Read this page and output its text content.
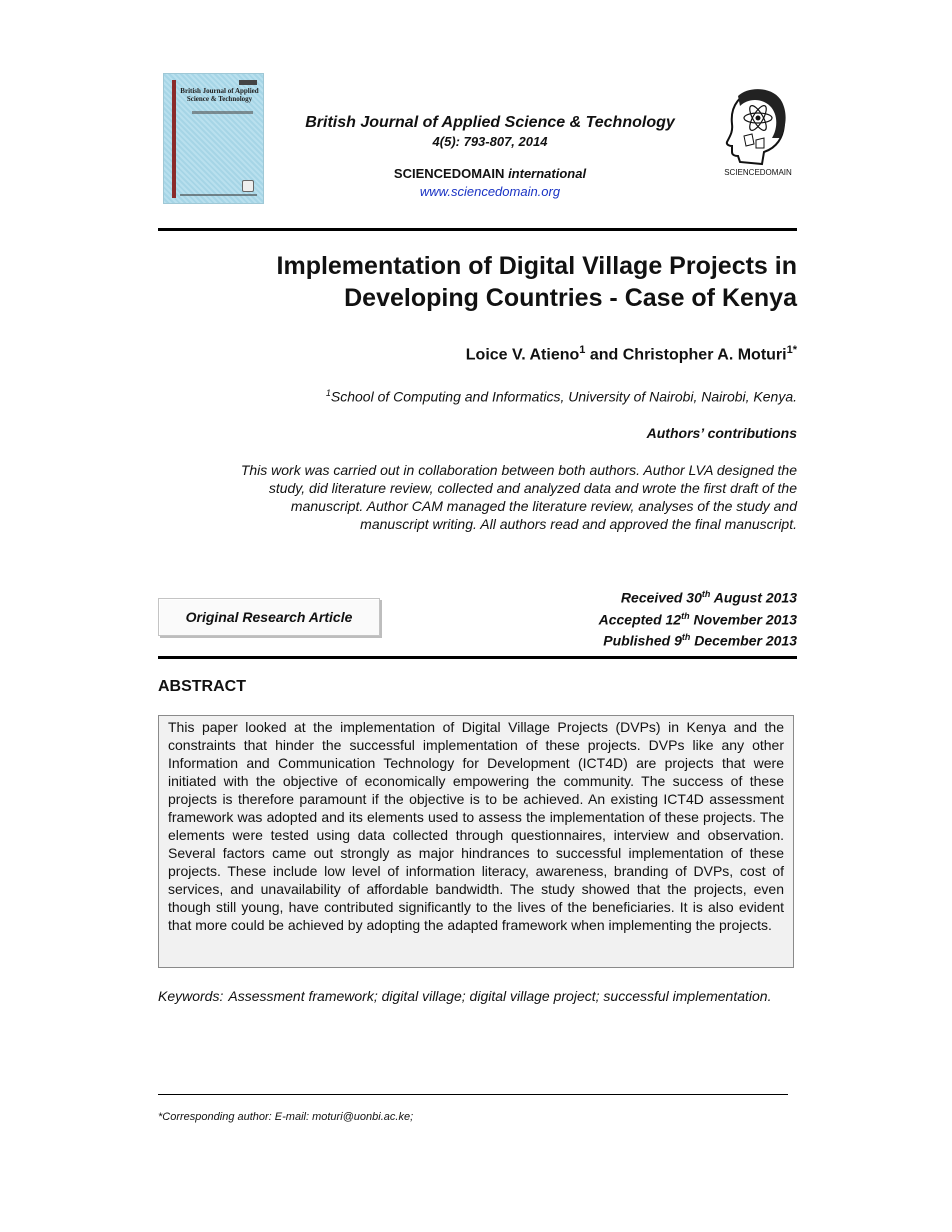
British Journal of Applied Science & Technology
British Journal of Applied Science & Technology
4(5): 793-807, 2014
SCIENCEDOMAIN international
www.sciencedomain.org
SCIENCEDOMAIN
Implementation of Digital Village Projects in
Developing Countries - Case of Kenya
Loice V. Atieno$^1$ and Christopher A. Moturi$^{1*}$
$^1$School of Computing and Informatics, University of Nairobi, Nairobi, Kenya.
Authors’ contributions
This work was carried out in collaboration between both authors. Author LVA designed the
study, did literature review, collected and analyzed data and wrote the first draft of the
manuscript. Author CAM managed the literature review, analyses of the study and
manuscript writing. All authors read and approved the final manuscript.
Original Research Article
Received 30th August 2013
Accepted 12th November 2013
Published 9th December 2013
ABSTRACT

This paper looked at the implementation of Digital Village Projects (DVPs) in Kenya and the constraints that hinder the successful implementation of these projects. DVPs like any other Information and Communication Technology for Development (ICT4D) are projects that were initiated with the objective of economically empowering the community. The success of these projects is therefore paramount if the objective is to be achieved. An existing ICT4D assessment framework was adopted and its elements used to assess the implementation of these projects. The elements were tested using data collected through questionnaires, interview and observation. Several factors came out strongly as major hindrances to successful implementation of these projects. These include low level of information literacy, awareness, branding of DVPs, cost of services, and unavailability of affordable bandwidth. The study showed that the projects, even though still young, have contributed significantly to the lives of the beneficiaries. It is also evident that more could be achieved by adopting the adapted framework when implementing the projects.

Keywords: Assessment framework; digital village; digital village project; successful implementation.
*Corresponding author: E-mail: moturi@uonbi.ac.ke;
